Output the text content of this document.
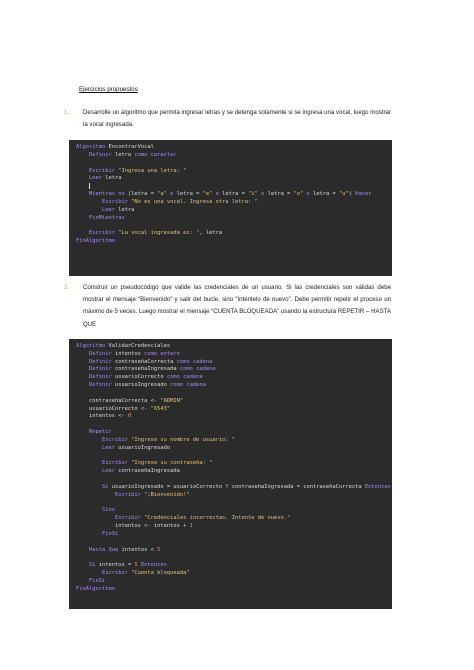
Ejercicios propuestos
1. Desarrolle un algoritmo que permita ingresar letras y se detenga solamente si se ingresa una vocal, luego mostrar la vocal ingresada.
Algoritmo EncontrarVocal
Definir letra como caracter

Escribir "Ingresa una letra: "
Leer letra

Mientras no (letra = "a" o letra = "e" o letra = "i" o letra = "o" o letra = "u") Hacer
Escribir "No es una vocal. Ingresa otra letra: "
Leer letra
FinMientras

Escribir "La vocal ingresada es: ", letra
FinAlgoritmo
2. Construir un pseudocódigo que valide las credenciales de un usuario. Si las credenciales son válidas debe mostrar el mensaje “Bienvenido” y salir del bucle, sino “Inténtelo de nuevo”. Debe permitir repetir el proceso un máximo de 5 veces. Luego mostrar el mensaje “CUENTA BLOQUEADA” usando la estructura REPETIR – HASTA QUE
Algoritmo ValidarCredenciales
Definir intentos como entero
Definir contraseñaCorrecta como cadena
Definir contraseñaIngresada como cadena
Definir usuarioCorrecto como cadena
Definir usuarioIngresado como cadena

contraseñaCorrecta <- "ADMIN"
usuarioCorrecto <- "6543"
intentos <- 0

Repetir
Escribir "Ingrese su nombre de usuario: "
Leer usuarioIngresado

Escribir "Ingrese su contraseña: "
Leer contraseñaIngresada

Si usuarioIngresado = usuarioCorrecto Y contraseñaIngresada = contraseñaCorrecta Entonces
Escribir ";Bienvenido!"

Sino
Escribir "Credenciales incorrectas. Intente de nuevo."
intentos <- intentos + 1
FinSi

Hasta Que intentos < 5

Si intentos = 5 Entonces
Escribir "Cuenta bloqueada"
FinSi
FinAlgoritmo
